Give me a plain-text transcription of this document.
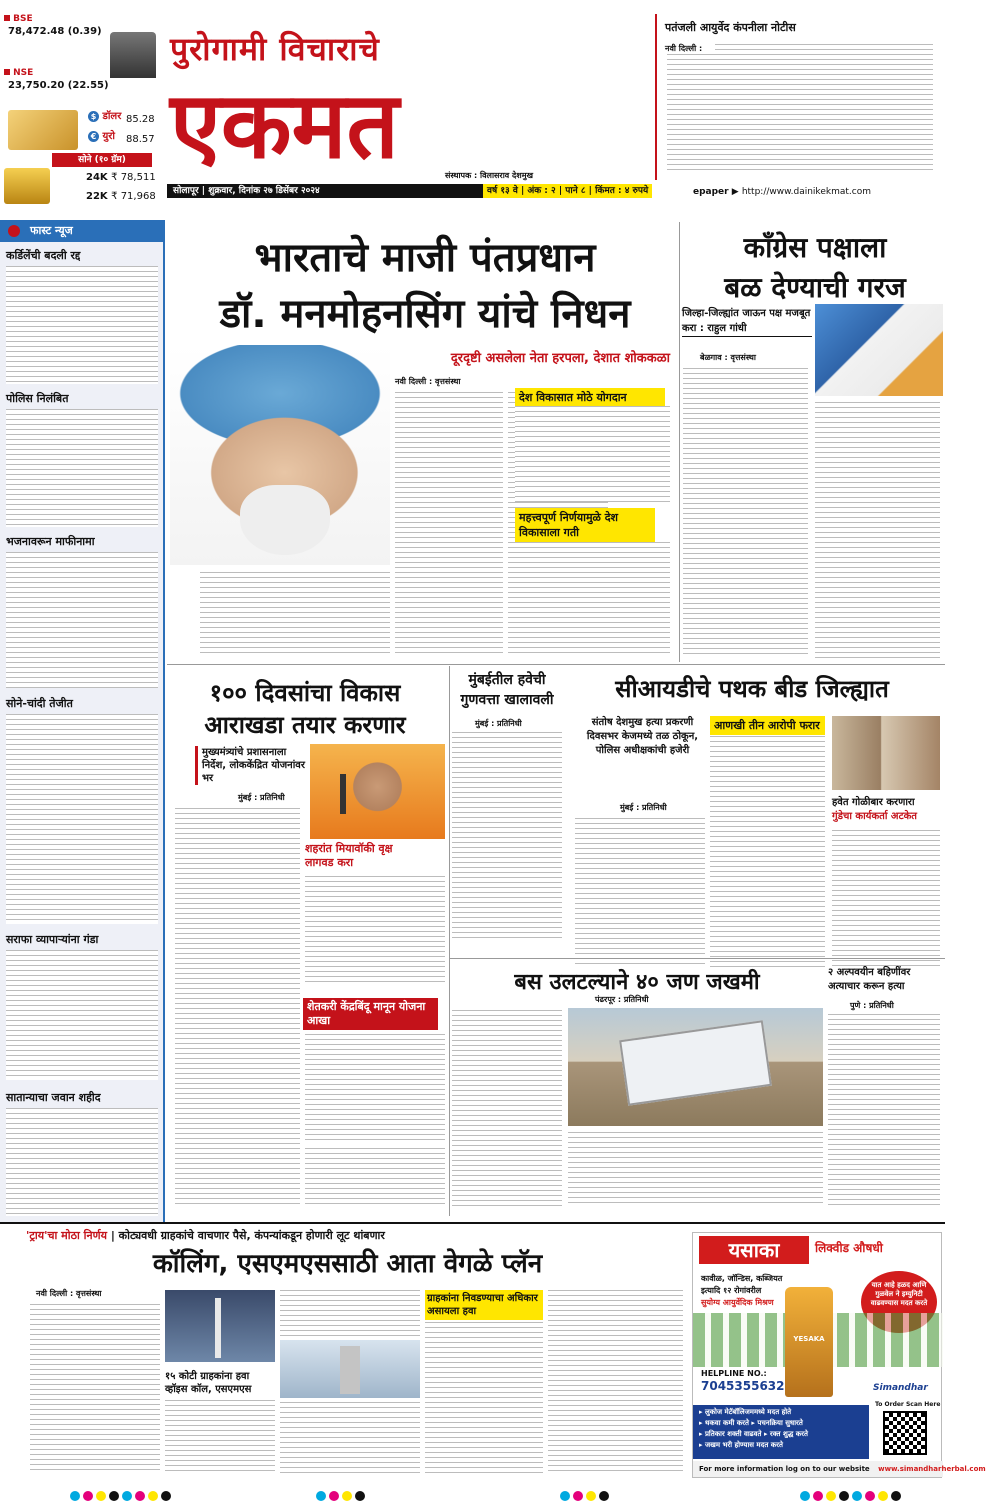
BSE
78,472.48 (0.39)
NSE
23,750.20 (22.55)
$ डॉलर 85.28
€ युरो	88.57
सोने (१० ग्रॅम)
24K ₹ 78,511
22K ₹ 71,968
पुरोगामी विचाराचे
एकमत	संस्थापक : विलासराव देशमुख
सोलापूर | शुक्रवार, दिनांक २७ डिसेंबर २०२४	वर्ष १३ वे | अंक : २ | पाने ८ | किंमत : ४ रुपये	epaper ▶ http://www.dainikekmat.com
पतंजली आयुर्वेद कंपनीला नोटीस
नवी दिल्ली :
फास्ट न्यूज
कर्डिलेंची बदली रद्द
पोलिस निलंबित
भजनावरून माफीनामा
सोने-चांदी तेजीत
सराफा व्यापाऱ्यांना गंडा
सातान्याचा जवान शहीद
भारताचे माजी पंतप्रधान
डॉ. मनमोहनसिंग यांचे निधन
दूरदृष्टी असलेला नेता हरपला, देशात शोककळा
नवी दिल्ली : वृत्तसंस्था
देश विकासात मोठे योगदान
महत्त्वपूर्ण निर्णयामुळे देश विकासाला गती
काँग्रेस पक्षाला
बळ देण्याची गरज
जिल्हा-जिल्ह्यांत जाऊन पक्ष मजबूत करा : राहुल गांधी
बेळगाव : वृत्तसंस्था
१०० दिवसांचा विकास
आराखडा तयार करणार
मुख्यमंत्र्यांचे प्रशासनाला निर्देश, लोककेंद्रित योजनांवर भर
मुंबई : प्रतिनिधी
शहरांत मियावॉकी वृक्ष लागवड करा
शेतकरी केंद्रबिंदू मानून योजना आखा
मुंबईतील हवेची
गुणवत्ता खालावली
मुंबई : प्रतिनिधी
सीआयडीचे पथक बीड जिल्ह्यात
संतोष देशमुख हत्या प्रकरणी दिवसभर केजमध्ये तळ ठोकून, पोलिस अधीक्षकांची हजेरी
मुंबई : प्रतिनिधी
आणखी तीन आरोपी फरार
हवेत गोळीबार करणारा
गुंडेचा कार्यकर्ता अटकेत
बस उलटल्याने ४० जण जखमी
पंढरपूर : प्रतिनिधी
२ अल्पवयीन बहिणींवर अत्याचार करून हत्या
पुणे : प्रतिनिधी
'ट्राय'चा मोठा निर्णय | कोट्यवधी ग्राहकांचे वाचणार पैसे, कंपन्यांकडून होणारी लूट थांबणार
कॉलिंग, एसएमएससाठी आता वेगळे प्लॅन
नवी दिल्ली : वृत्तसंस्था
१५ कोटी ग्राहकांना हवा व्हॉइस कॉल, एसएमएस
ग्राहकांना निवडण्याचा अधिकार असायला हवा
यसाका	लिक्वीड औषधी
कावीळ, जॉन्डिस, कब्जियत
इत्यादि १२ रोगांवरील
सुयोग्य आयुर्वेदिक मिश्रण
यात आहे हळद आणि गुळवेल ने इम्युनिटी वाढवण्यास मदत करते
YESAKA
HELPLINE NO.:
7045355632	Simandhar
▸ लुकोज मेटॅबॉलिजममध्ये मदत होते
▸ थकवा कमी करते ▸ पचनक्रिया सुधारते
▸ प्रतिकार शक्ती वाढवते ▸ रक्त शुद्ध करते
▸ जखम भरी होण्यास मदत करते
To Order Scan Here
For more information log on to our website www.simandharherbal.com
